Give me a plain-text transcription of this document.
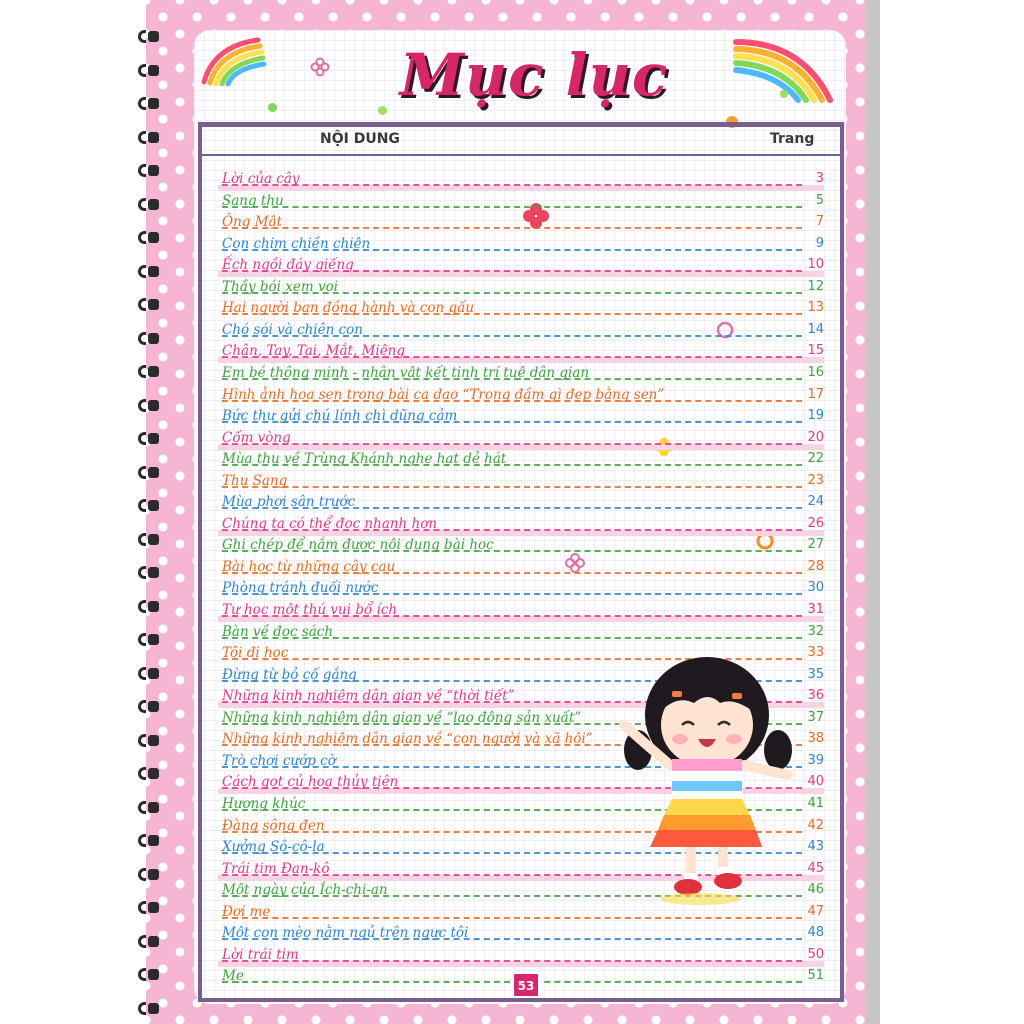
Mục lục
NỘI DUNG	Trang
Lời của cây	3
Sang thu	5
Ông Mật	7
Con chim chiền chiện	9
Ếch ngồi đáy giếng	10
Thầy bói xem voi	12
Hai người bạn đồng hành và con gấu	13
Chó sói và chiên con	14
Chân, Tay, Tai, Mắt, Miệng	15
Em bé thông minh - nhân vật kết tinh trí tuệ dân gian	16
Hình ảnh hoa sen trong bài ca dao “Trong đầm gì đẹp bằng sen”	17
Bức thư gửi chú lính chì dũng cảm	19
Cốm vòng	20
Mùa thu về Trùng Khánh nghe hạt dẻ hát	22
Thu Sang	23
Mùa phơi sân trước	24
Chúng ta có thể đọc nhanh hơn	26
Ghi chép để nắm được nội dung bài học	27
Bài học từ những cây cau	28
Phòng tránh đuối nước	30
Tự học một thú vui bổ ích	31
Bàn về đọc sách	32
Tôi đi học	33
Đừng từ bỏ cố gắng	35
Những kinh nghiệm dân gian về “thời tiết”	36
Những kinh nghiệm dân gian về “lao động sản xuất”	37
Những kinh nghiệm dân gian về “con người và xã hội”	38
Trò chơi cướp cờ	39
Cách gọt củ hoa thủy tiên	40
Hương khúc	41
Đàng sông đen	42
Xưởng Sô-cô-la	43
Trái tim Đan-kô	45
Một ngày của Ích-chi-an	46
Đợi mẹ	47
Một con mèo nằm ngủ trên ngực tôi	48
Lời trái tim	50
Mẹ	51
53
